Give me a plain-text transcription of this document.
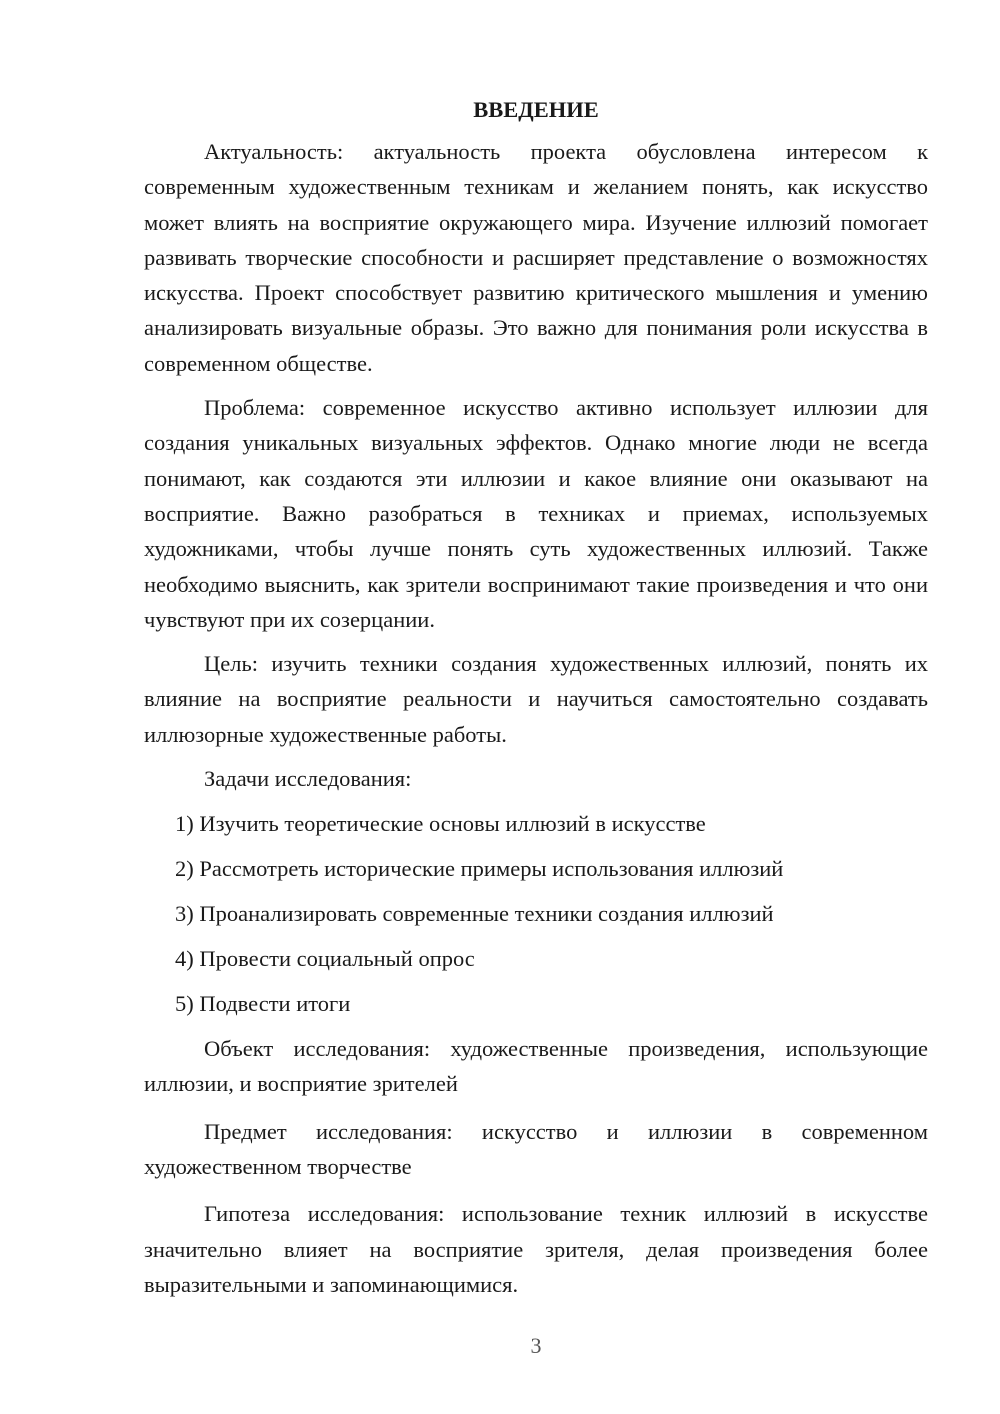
ВВЕДЕНИЕ

Актуальность: актуальность проекта обусловлена интересом к современным художественным техникам и желанием понять, как искусство может влиять на восприятие окружающего мира. Изучение иллюзий помогает развивать творческие способности и расширяет представление о возможностях искусства. Проект способствует развитию критического мышления и умению анализировать визуальные образы. Это важно для понимания роли искусства в современном обществе.

Проблема: современное искусство активно использует иллюзии для создания уникальных визуальных эффектов. Однако многие люди не всегда понимают, как создаются эти иллюзии и какое влияние они оказывают на восприятие. Важно разобраться в техниках и приемах, используемых художниками, чтобы лучше понять суть художественных иллюзий. Также необходимо выяснить, как зрители воспринимают такие произведения и что они чувствуют при их созерцании.

Цель: изучить техники создания художественных иллюзий, понять их влияние на восприятие реальности и научиться самостоятельно создавать иллюзорные художественные работы.

Задачи исследования:

1) Изучить теоретические основы иллюзий в искусстве
2) Рассмотреть исторические примеры использования иллюзий
3) Проанализировать современные техники создания иллюзий
4) Провести социальный опрос
5) Подвести итоги

Объект исследования: художественные произведения, использующие иллюзии, и восприятие зрителей

Предмет исследования: искусство и иллюзии в современном художественном творчестве

Гипотеза исследования: использование техник иллюзий в искусстве значительно влияет на восприятие зрителя, делая произведения более выразительными и запоминающимися.

3
